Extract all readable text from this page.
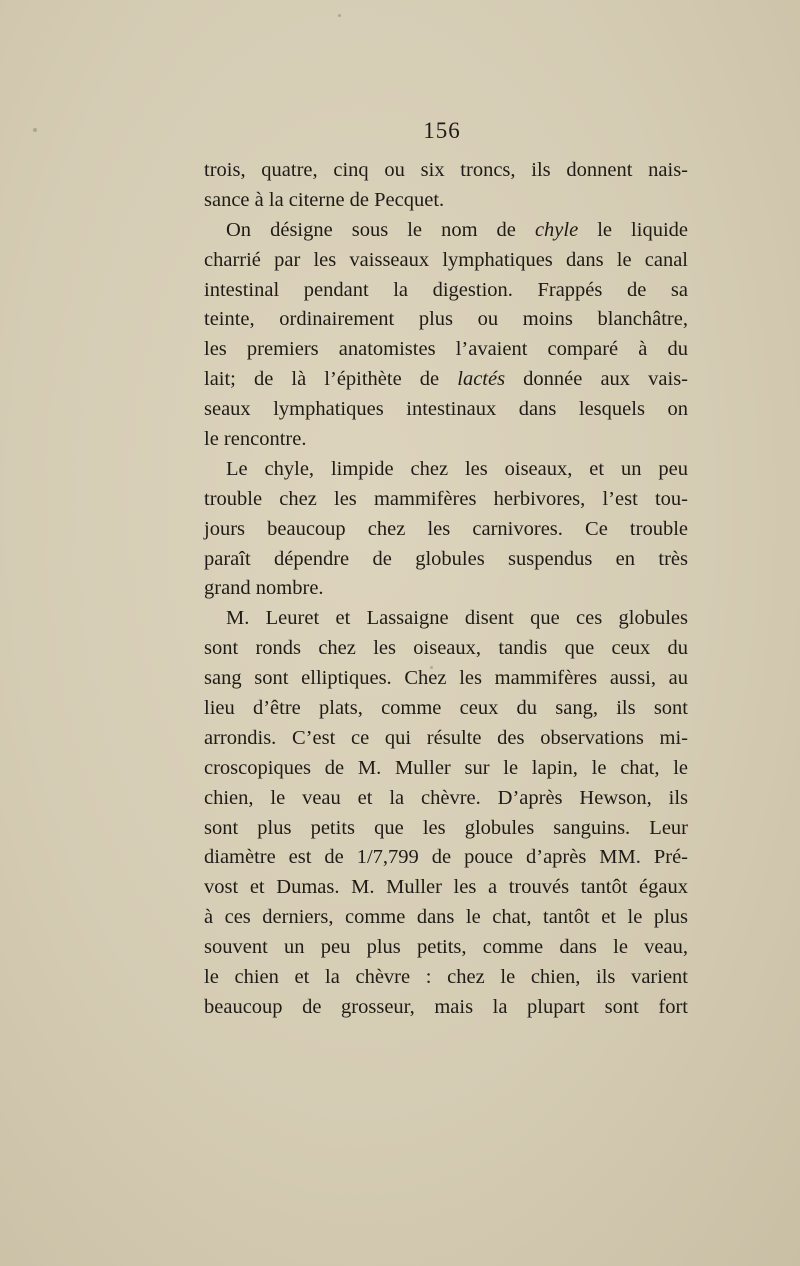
156
trois, quatre, cinq ou six troncs, ils donnent nais-
sance à la citerne de Pecquet.
On désigne sous le nom de chyle le liquide
charrié par les vaisseaux lymphatiques dans le canal
intestinal pendant la digestion. Frappés de sa
teinte, ordinairement plus ou moins blanchâtre,
les premiers anatomistes l’avaient comparé à du
lait; de là l’épithète de lactés donnée aux vais-
seaux lymphatiques intestinaux dans lesquels on
le rencontre.
Le chyle, limpide chez les oiseaux, et un peu
trouble chez les mammifères herbivores, l’est tou-
jours beaucoup chez les carnivores. Ce trouble
paraît dépendre de globules suspendus en très
grand nombre.
M. Leuret et Lassaigne disent que ces globules
sont ronds chez les oiseaux, tandis que ceux du
sang sont elliptiques. Chez les mammifères aussi, au
lieu d’être plats, comme ceux du sang, ils sont
arrondis. C’est ce qui résulte des observations mi-
croscopiques de M. Muller sur le lapin, le chat, le
chien, le veau et la chèvre. D’après Hewson, ils
sont plus petits que les globules sanguins. Leur
diamètre est de 1/7,799 de pouce d’après MM. Pré-
vost et Dumas. M. Muller les a trouvés tantôt égaux
à ces derniers, comme dans le chat, tantôt et le plus
souvent un peu plus petits, comme dans le veau,
le chien et la chèvre : chez le chien, ils varient
beaucoup de grosseur, mais la plupart sont fort
